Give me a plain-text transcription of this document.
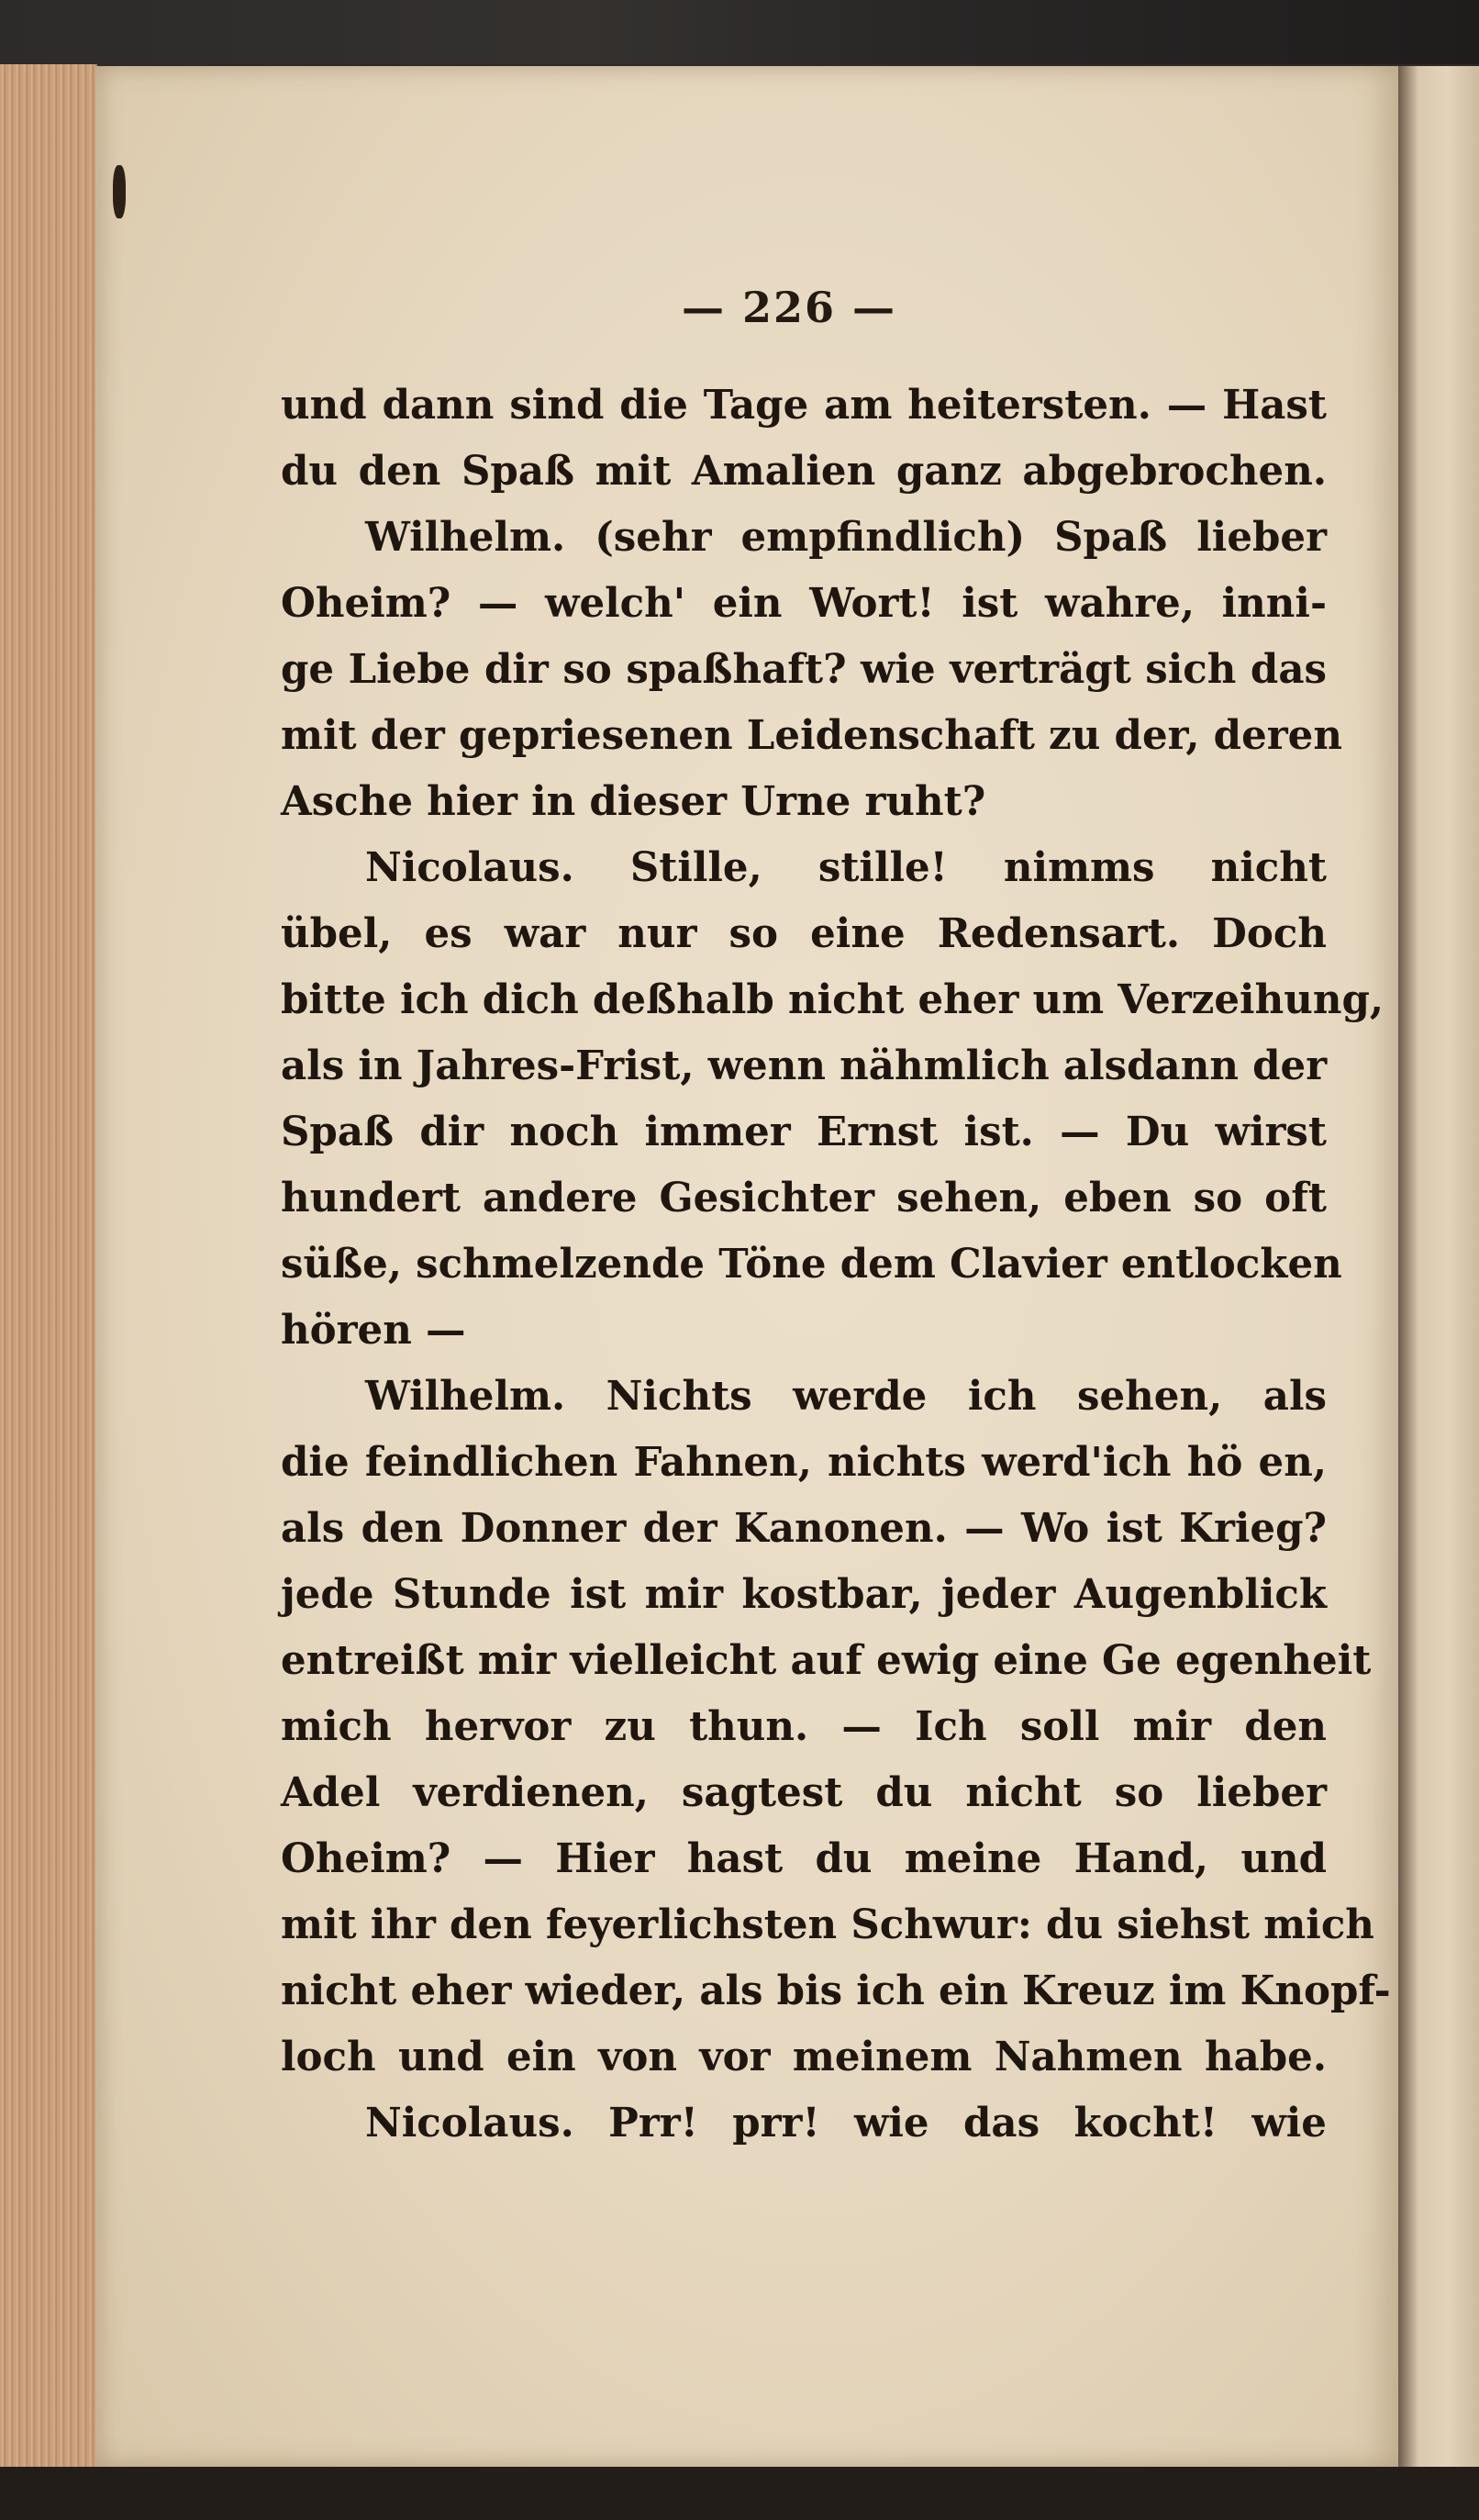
— 226 —
und dann sind die Tage am heitersten. — Hast
du den Spaß mit Amalien ganz abgebrochen.
Wilhelm. (sehr empfindlich) Spaß lieber
Oheim? — welch' ein Wort! ist wahre, inni-
ge Liebe dir so spaßhaft? wie verträgt sich das
mit der gepriesenen Leidenschaft zu der, deren
Asche hier in dieser Urne ruht?
Nicolaus. Stille, stille! nimms nicht
übel, es war nur so eine Redensart. Doch
bitte ich dich deßhalb nicht eher um Verzeihung,
als in Jahres-Frist, wenn nähmlich alsdann der
Spaß dir noch immer Ernst ist. — Du wirst
hundert andere Gesichter sehen, eben so oft
süße, schmelzende Töne dem Clavier entlocken
hören —
Wilhelm. Nichts werde ich sehen, als
die feindlichen Fahnen, nichts werd'ich hö en,
als den Donner der Kanonen. — Wo ist Krieg?
jede Stunde ist mir kostbar, jeder Augenblick
entreißt mir vielleicht auf ewig eine Ge egenheit
mich hervor zu thun. — Ich soll mir den
Adel verdienen, sagtest du nicht so lieber
Oheim? — Hier hast du meine Hand, und
mit ihr den feyerlichsten Schwur: du siehst mich
nicht eher wieder, als bis ich ein Kreuz im Knopf-
loch und ein von vor meinem Nahmen habe.
Nicolaus. Prr! prr! wie das kocht! wie
